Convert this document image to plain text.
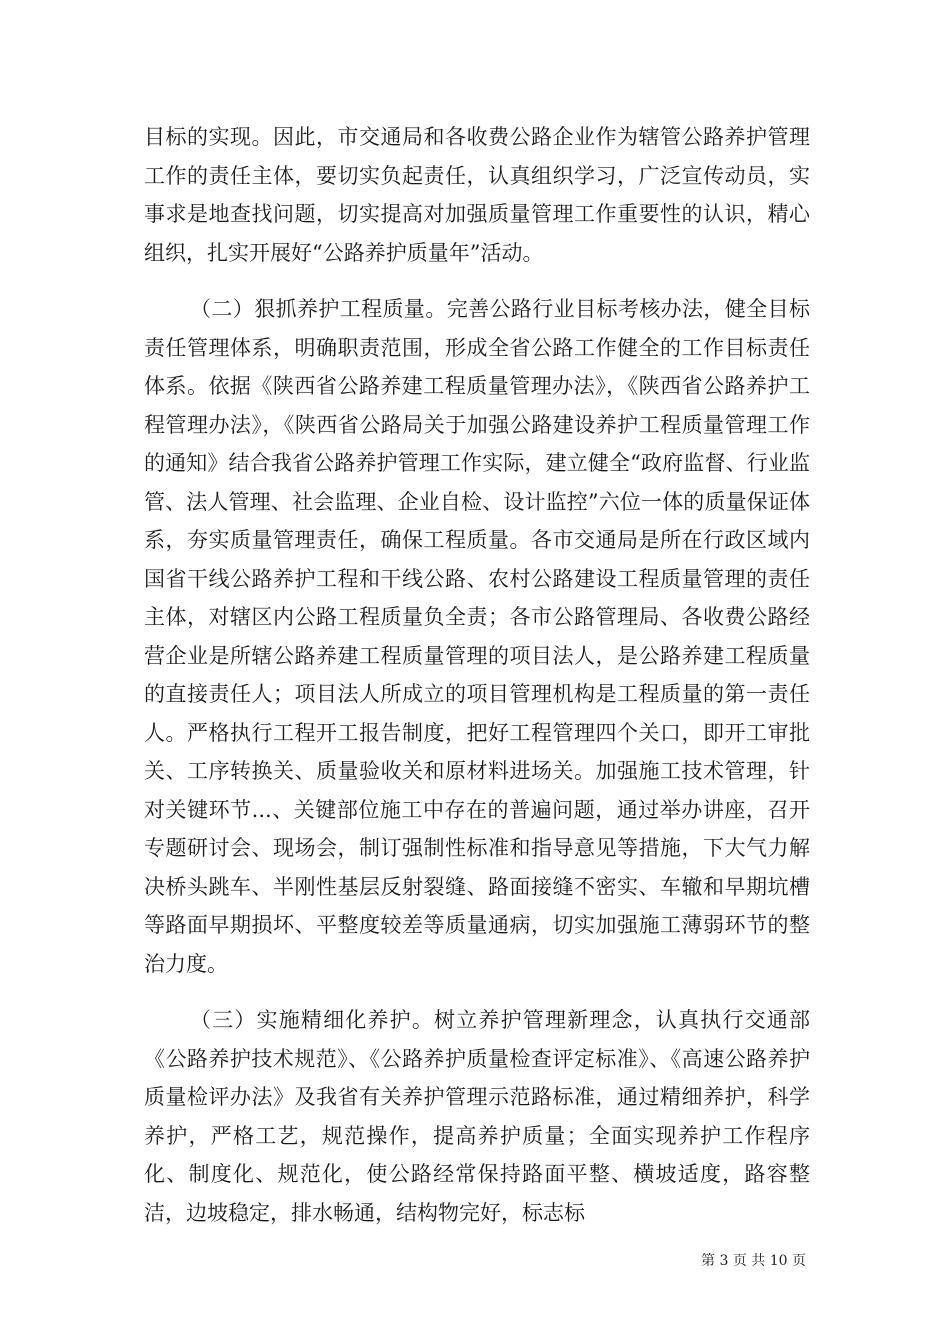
目标的实现。因此，市交通局和各收费公路企业作为辖管公路养护管理工作的责任主体，要切实负起责任，认真组织学习，广泛宣传动员，实事求是地查找问题，切实提高对加强质量管理工作重要性的认识，精心组织，扎实开展好“公路养护质量年”活动。

（二）狠抓养护工程质量。完善公路行业目标考核办法，健全目标责任管理体系，明确职责范围，形成全省公路工作健全的工作目标责任体系。依据《陕西省公路养建工程质量管理办法》，《陕西省公路养护工程管理办法》，《陕西省公路局关于加强公路建设养护工程质量管理工作的通知》结合我省公路养护管理工作实际，建立健全“政府监督、行业监管、法人管理、社会监理、企业自检、设计监控”六位一体的质量保证体系，夯实质量管理责任，确保工程质量。各市交通局是所在行政区域内国省干线公路养护工程和干线公路、农村公路建设工程质量管理的责任主体，对辖区内公路工程质量负全责；各市公路管理局、各收费公路经营企业是所辖公路养建工程质量管理的项目法人，是公路养建工程质量的直接责任人；项目法人所成立的项目管理机构是工程质量的第一责任人。严格执行工程开工报告制度，把好工程管理四个关口，即开工审批关、工序转换关、质量验收关和原材料进场关。加强施工技术管理，针对关键环节...、关键部位施工中存在的普遍问题，通过举办讲座，召开专题研讨会、现场会，制订强制性标准和指导意见等措施，下大气力解决桥头跳车、半刚性基层反射裂缝、路面接缝不密实、车辙和早期坑槽等路面早期损坏、平整度较差等质量通病，切实加强施工薄弱环节的整治力度。

（三）实施精细化养护。树立养护管理新理念，认真执行交通部《公路养护技术规范》、《公路养护质量检查评定标准》、《高速公路养护质量检评办法》及我省有关养护管理示范路标准，通过精细养护，科学养护，严格工艺，规范操作，提高养护质量；全面实现养护工作程序化、制度化、规范化，使公路经常保持路面平整、横坡适度，路容整洁，边坡稳定，排水畅通，结构物完好，标志标

第 3 页 共 10 页
